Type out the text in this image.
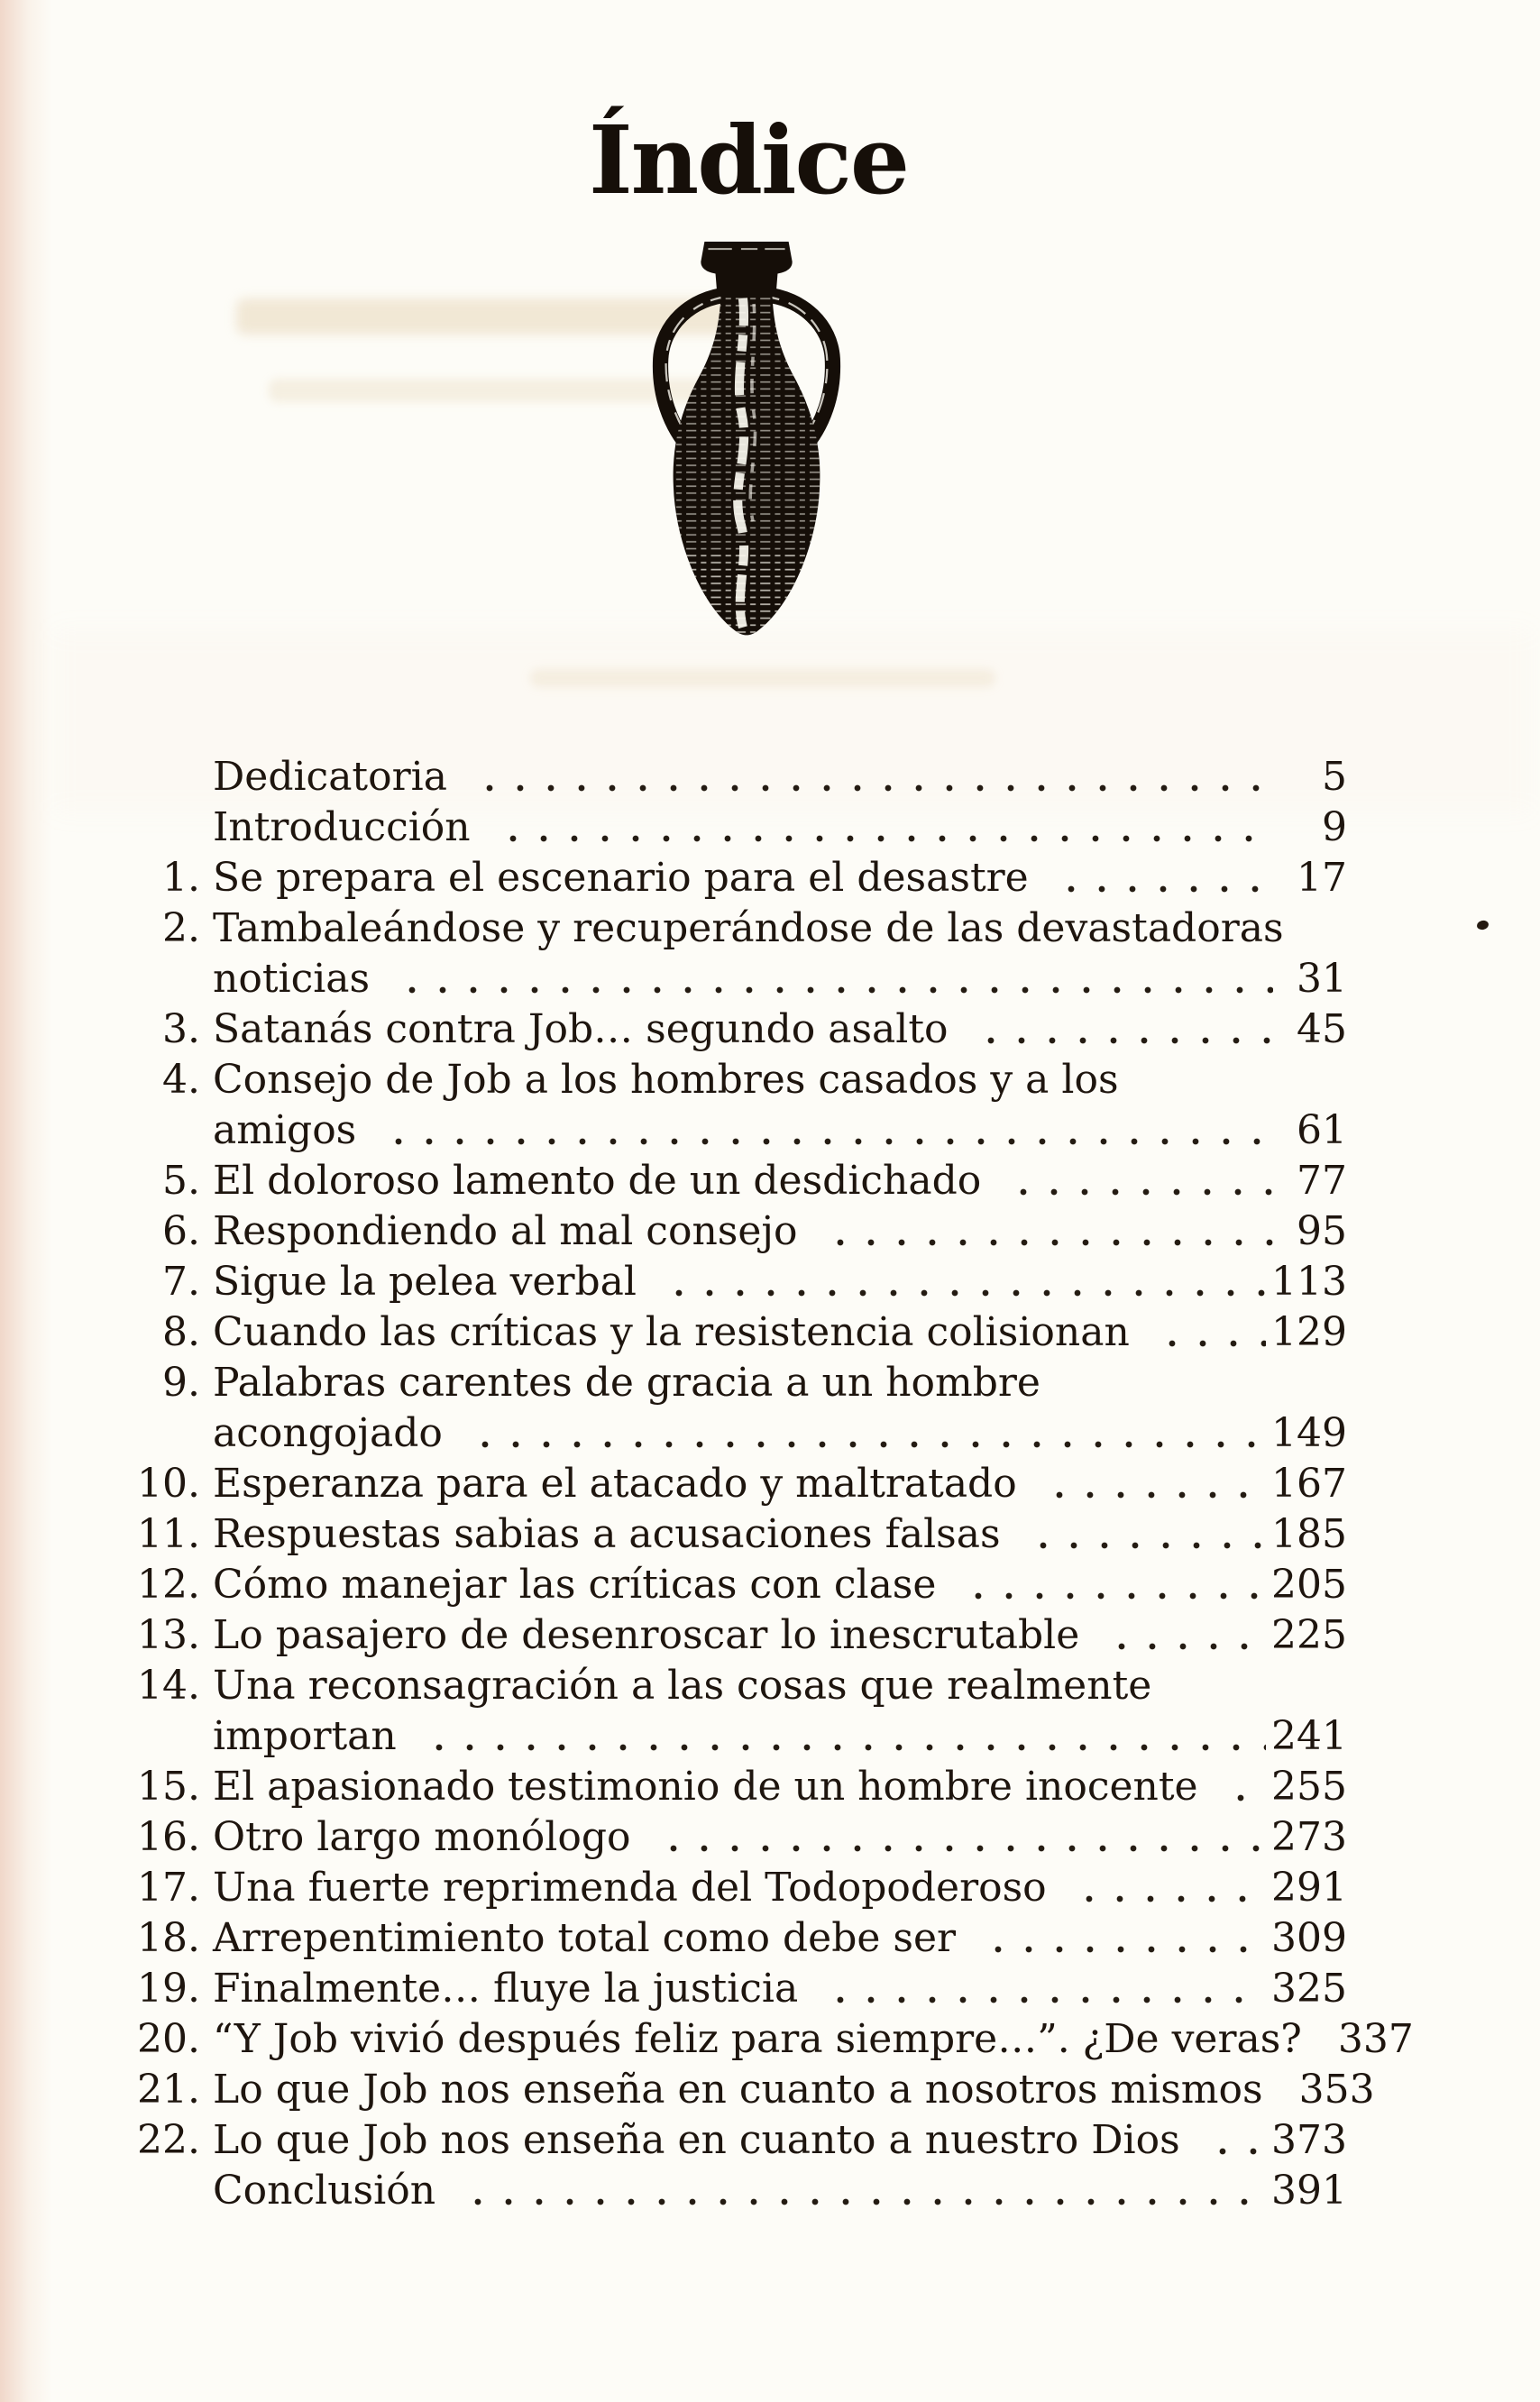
Índice
Dedicatoria	5
Introducción	9
1. Se prepara el escenario para el desastre	17
2. Tambaleándose y recuperándose de las devastadoras
noticias	31
3. Satanás contra Job… segundo asalto	45
4. Consejo de Job a los hombres casados y a los
amigos	61
5. El doloroso lamento de un desdichado	77
6. Respondiendo al mal consejo	95
7. Sigue la pelea verbal	113
8. Cuando las críticas y la resistencia colisionan	129
9. Palabras carentes de gracia a un hombre
acongojado	149
10. Esperanza para el atacado y maltratado	167
11. Respuestas sabias a acusaciones falsas	185
12. Cómo manejar las críticas con clase	205
13. Lo pasajero de desenroscar lo inescrutable	225
14. Una reconsagración a las cosas que realmente
importan	241
15. El apasionado testimonio de un hombre inocente 255
16. Otro largo monólogo	273
17. Una fuerte reprimenda del Todopoderoso	291
18. Arrepentimiento total como debe ser	309
19. Finalmente… fluye la justicia	325
20. “Y Job vivió después feliz para siempre…”. ¿De veras? 337
21. Lo que Job nos enseña en cuanto a nosotros mismos 353
22. Lo que Job nos enseña en cuanto a nuestro Dios 373
Conclusión	391
